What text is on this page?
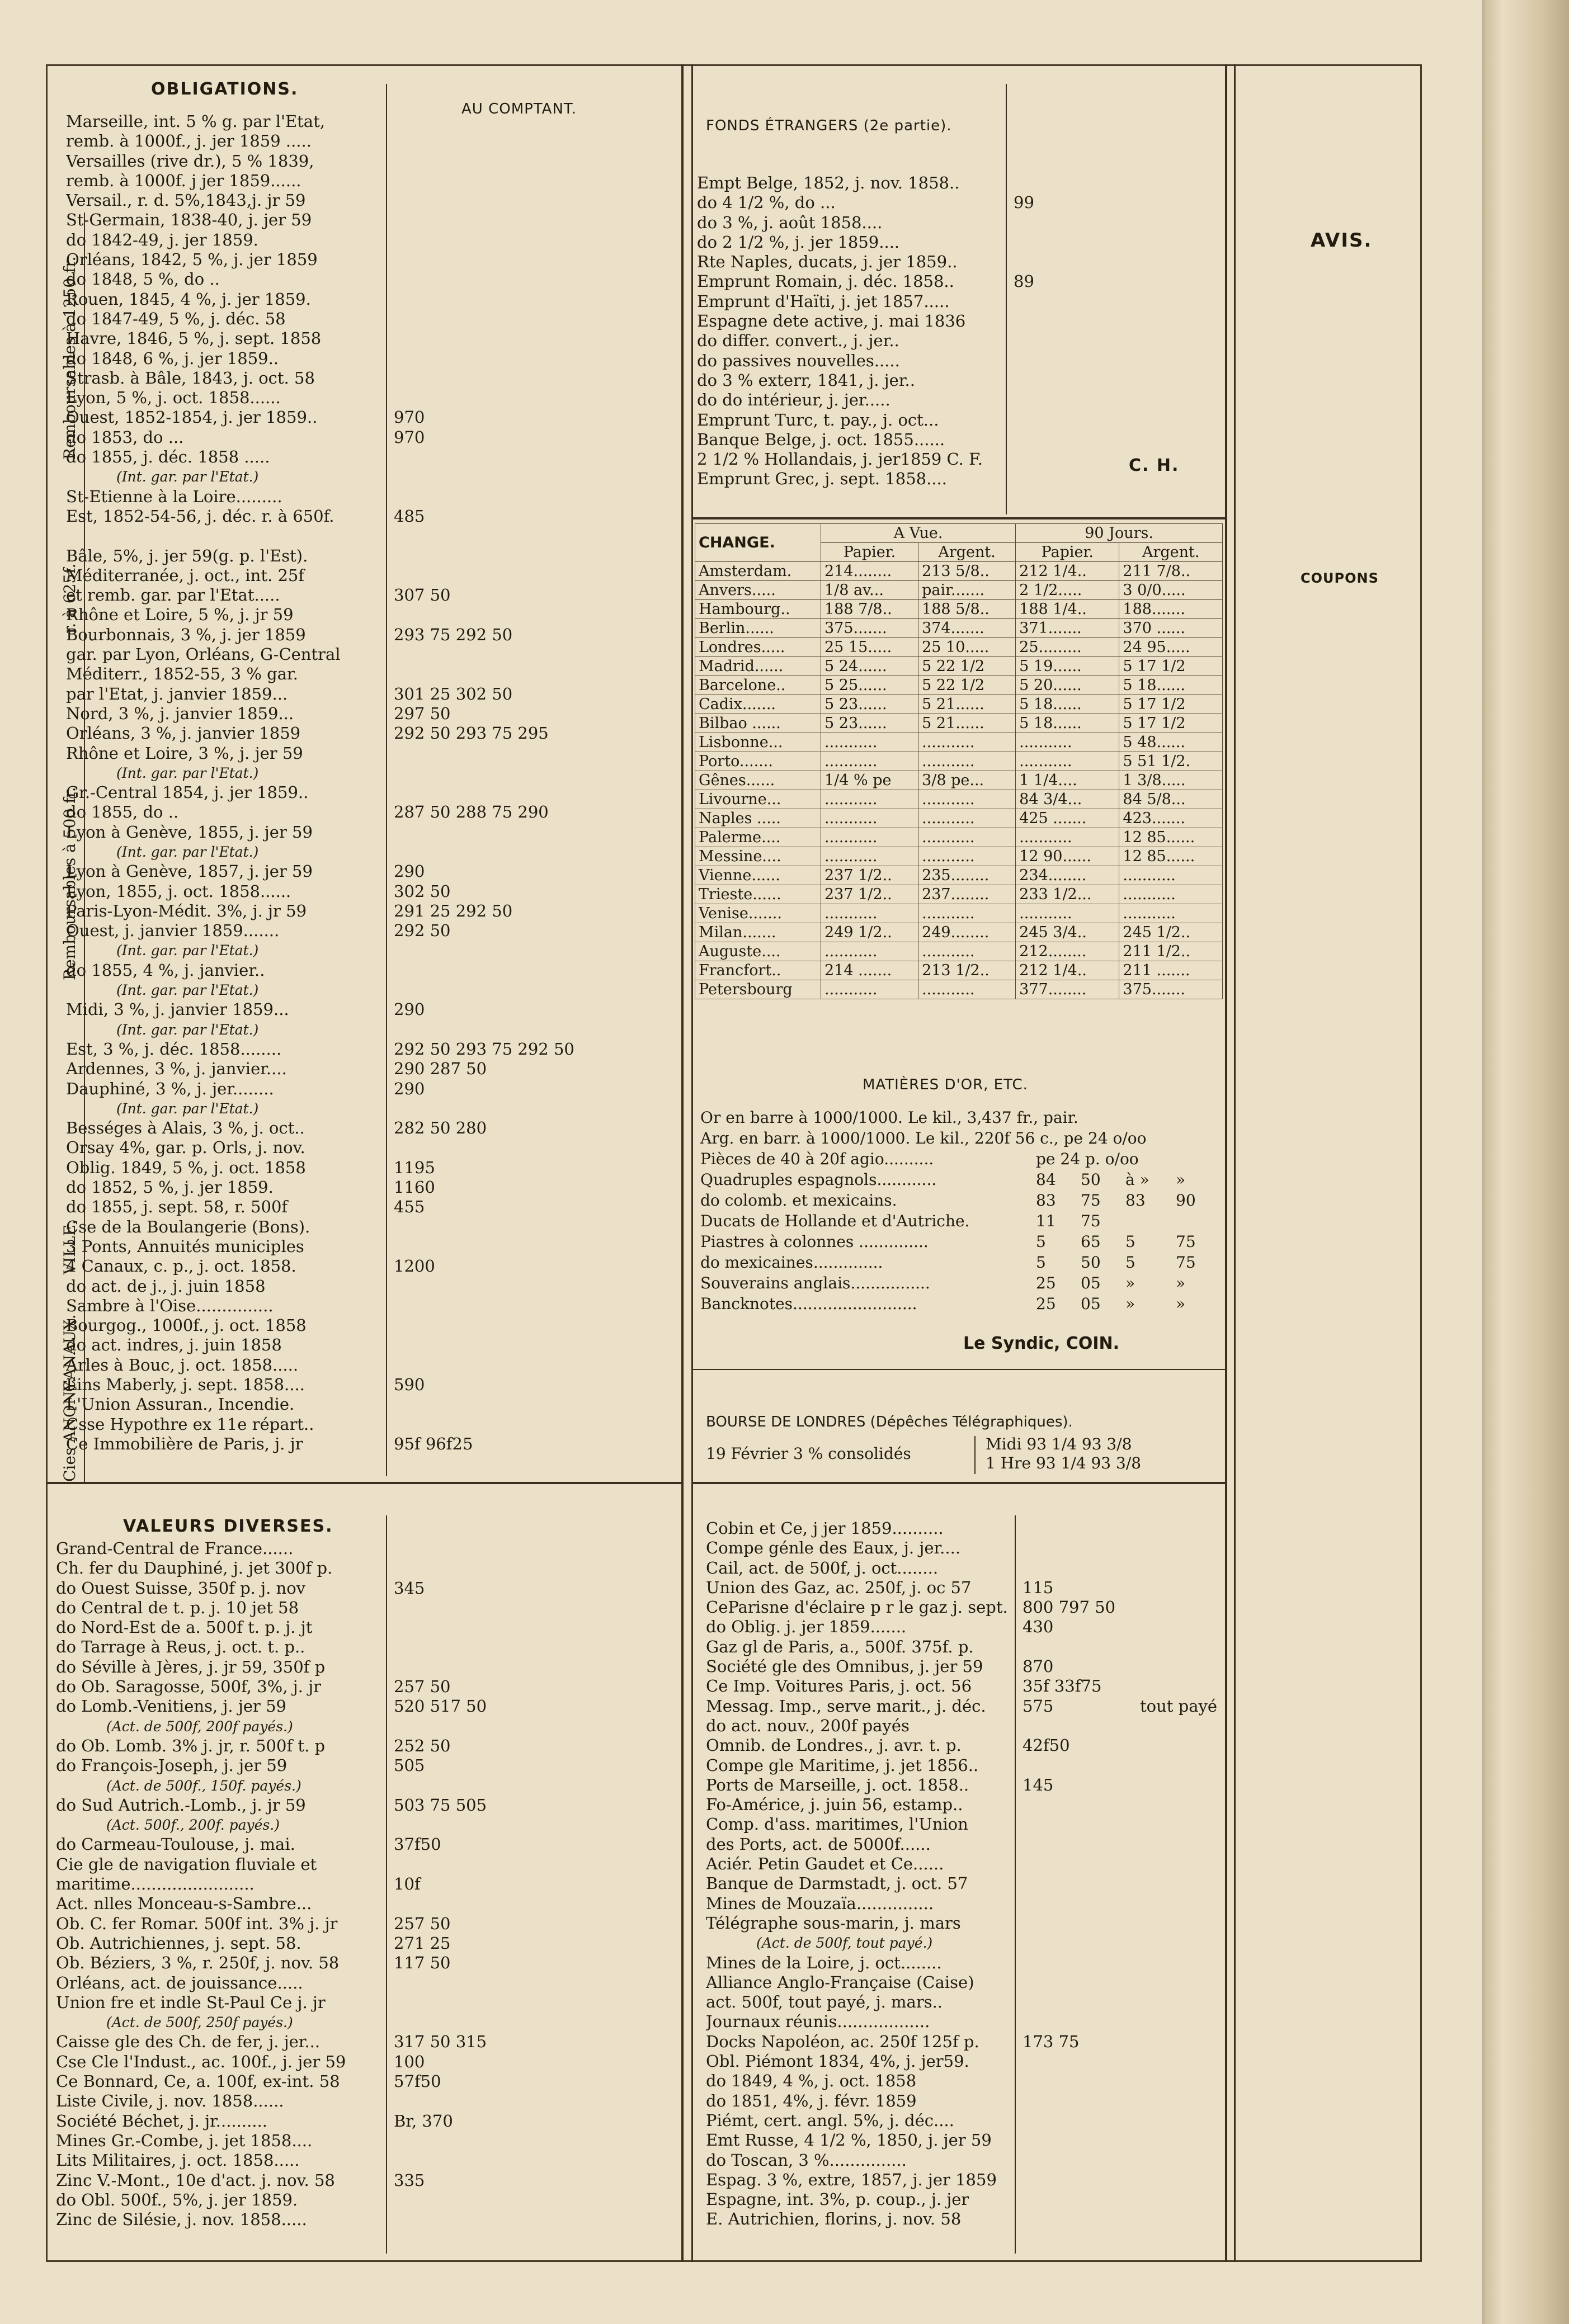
OBLIGATIONS.
AU COMPTANT.
Marseille, int. 5 % g. par l'Etat,
remb. à 1000f., j. jer 1859 .....
Versailles (rive dr.), 5 % 1839,
remb. à 1000f. j jer 1859......
Versail., r. d. 5%,1843,j. jr 59
St-Germain, 1838-40, j. jer 59
do 1842-49, j. jer 1859.
Orléans, 1842, 5 %, j. jer 1859
do 1848, 5 %, do ..
Rouen, 1845, 4 %, j. jer 1859.
do 1847-49, 5 %, j. déc. 58
Havre, 1846, 5 %, j. sept. 1858
do 1848, 6 %, j. jer 1859..
Strasb. à Bâle, 1843, j. oct. 58
Lyon, 5 %, j. oct. 1858......
Ouest, 1852-1854, j. jer 1859..	970
do 1853, do ...	970
do 1855, j. déc. 1858 .....
(Int. gar. par l'Etat.)
St-Etienne à la Loire.........
Est, 1852-54-56, j. déc. r. à 650f.	485
Bâle, 5%, j. jer 59(g. p. l'Est).
Méditerranée, j. oct., int. 25f
et remb. gar. par l'Etat.....	307 50
Rhône et Loire, 5 %, j. jr 59
Bourbonnais, 3 %, j. jer 1859	293 75 292 50
gar. par Lyon, Orléans, G-Central
Méditerr., 1852-55, 3 % gar.
par l'Etat, j. janvier 1859...	301 25 302 50
Nord, 3 %, j. janvier 1859...	297 50
Orléans, 3 %, j. janvier 1859	292 50 293 75 295
Rhône et Loire, 3 %, j. jer 59
(Int. gar. par l'Etat.)
Gr.-Central 1854, j. jer 1859..
do 1855, do ..	287 50 288 75 290
Lyon à Genève, 1855, j. jer 59
(Int. gar. par l'Etat.)
Lyon à Genève, 1857, j. jer 59	290
Lyon, 1855, j. oct. 1858......	302 50
Paris-Lyon-Médit. 3%, j. jr 59	291 25 292 50
Ouest, j. janvier 1859.......	292 50
(Int. gar. par l'Etat.)
do 1855, 4 %, j. janvier..
(Int. gar. par l'Etat.)
Midi, 3 %, j. janvier 1859...	290
(Int. gar. par l'Etat.)
Est, 3 %, j. déc. 1858........	292 50 293 75 292 50
Ardennes, 3 %, j. janvier....	290 287 50
Dauphiné, 3 %, j. jer........	290
(Int. gar. par l'Etat.)
Bességes à Alais, 3 %, j. oct..	282 50 280
Orsay 4%, gar. p. Orls, j. nov.
Oblig. 1849, 5 %, j. oct. 1858	1195
do 1852, 5 %, j. jer 1859.	1160
do 1855, j. sept. 58, r. 500f	455
Cse de la Boulangerie (Bons).
3 Ponts, Annuités municiples
4 Canaux, c. p., j. oct. 1858.	1200
do act. de j., j. juin 1858
Sambre à l'Oise...............
Bourgog., 1000f., j. oct. 1858
do act. indres, j. juin 1858
Arles à Bouc, j. oct. 1858.....
Lins Maberly, j. sept. 1858....	590
L'Union Assuran., Incendie.
Csse Hypothre ex 11e répart..
Ce Immobilière de Paris, j. jr	95f 96f25
Remboursables à 1250 fr.
r. à 625f.
Remboursables à 500 fr.
VILLE.
CANAUX.
Cies ANONY.
VALEURS DIVERSES.
Grand-Central de France......
Ch. fer du Dauphiné, j. jet 300f p.
do Ouest Suisse, 350f p. j. nov	345
do Central de t. p. j. 10 jet 58
do Nord-Est de a. 500f t. p. j. jt
do Tarrage à Reus, j. oct. t. p..
do Séville à Jères, j. jr 59, 350f p
do Ob. Saragosse, 500f, 3%, j. jr	257 50
do Lomb.-Venitiens, j. jer 59	520 517 50
(Act. de 500f, 200f payés.)
do Ob. Lomb. 3% j. jr, r. 500f t. p	252 50
do François-Joseph, j. jer 59	505
(Act. de 500f., 150f. payés.)
do Sud Autrich.-Lomb., j. jr 59	503 75 505
(Act. 500f., 200f. payés.)
do Carmeau-Toulouse, j. mai.	37f50
Cie gle de navigation fluviale et
maritime........................	10f
Act. nlles Monceau-s-Sambre...
Ob. C. fer Romar. 500f int. 3% j. jr	257 50
Ob. Autrichiennes, j. sept. 58.	271 25
Ob. Béziers, 3 %, r. 250f, j. nov. 58	117 50
Orléans, act. de jouissance.....
Union fre et indle St-Paul Ce j. jr
(Act. de 500f, 250f payés.)
Caisse gle des Ch. de fer, j. jer...	317 50 315
Cse Cle l'Indust., ac. 100f., j. jer 59	100
Ce Bonnard, Ce, a. 100f, ex-int. 58	57f50
Liste Civile, j. nov. 1858......
Société Béchet, j. jr..........	Br, 370
Mines Gr.-Combe, j. jet 1858....
Lits Militaires, j. oct. 1858.....
Zinc V.-Mont., 10e d'act. j. nov. 58	335
do Obl. 500f., 5%, j. jer 1859.
Zinc de Silésie, j. nov. 1858.....
FONDS ÉTRANGERS (2e partie).
Empt Belge, 1852, j. nov. 1858..
do 4 1/2 %, do ...	99
do 3 %, j. août 1858....
do 2 1/2 %, j. jer 1859....
Rte Naples, ducats, j. jer 1859..
Emprunt Romain, j. déc. 1858..	89
Emprunt d'Haïti, j. jet 1857.....
Espagne dete active, j. mai 1836
do differ. convert., j. jer..
do passives nouvelles.....
do 3 % exterr, 1841, j. jer..
do do intérieur, j. jer.....
Emprunt Turc, t. pay., j. oct...
Banque Belge, j. oct. 1855......
2 1/2 % Hollandais, j. jer1859 C. F.
Emprunt Grec, j. sept. 1858....
AVIS.
C. H.
COUPONS
CHANGE.	A Vue.		90 Jours.	
	Papier.	Argent.	Papier.	Argent.
Amsterdam.	214........	213 5/8..	212 1/4..	211 7/8..
Anvers.....	1/8 av...	pair.......	2 1/2.....	3 0/0.....
Hambourg..	188 7/8..	188 5/8..	188 1/4..	188.......
Berlin......	375.......	374.......	371.......	370 ......
Londres.....	25 15.....	25 10.....	25.........	24 95.....
Madrid......	5 24......	5 22 1/2	5 19......	5 17 1/2
Barcelone..	5 25......	5 22 1/2	5 20......	5 18......
Cadix.......	5 23......	5 21......	5 18......	5 17 1/2
Bilbao ......	5 23......	5 21......	5 18......	5 17 1/2
Lisbonne...	...........	...........	...........	5 48......
Porto.......	...........	...........	...........	5 51 1/2.
Gênes......	1/4 % pe	3/8 pe...	1 1/4....	1 3/8.....
Livourne...	...........	...........	84 3/4...	84 5/8...
Naples .....	...........	...........	425 .......	423.......
Palerme....	...........	...........	...........	12 85......
Messine....	...........	...........	12 90......	12 85......
Vienne......	237 1/2..	235........	234........	...........
Trieste......	237 1/2..	237........	233 1/2...	...........
Venise.......	...........	...........	...........	...........
Milan.......	249 1/2..	249........	245 3/4..	245 1/2..
Auguste....	...........	...........	212........	211 1/2..
Francfort..	214 .......	213 1/2..	212 1/4..	211 .......
Petersbourg	...........	...........	377........	375.......
MATIÈRES D'OR, ETC.
Or en barre à 1000/1000. Le kil., 3,437 fr., pair.
Arg. en barr. à 1000/1000. Le kil., 220f 56 c., pe 24 o/oo
Pièces de 40 à 20f agio..........	pe 24 p. o/oo
Quadruples espagnols............	84	50	à »	»
do colomb. et mexicains.	83	75	83	90
Ducats de Hollande et d'Autriche.	11	75
Piastres à colonnes ..............	5	65	5	75
do mexicaines..............	5	50	5	75
Souverains anglais................	25	05	»	»
Bancknotes.........................	25	05	»	»
Le Syndic, COIN.
BOURSE DE LONDRES (Dépêches Télégraphiques).
19 Février 3 % consolidés
Midi 93 1/4 93 3/8
1 Hre 93 1/4 93 3/8
Cobin et Ce, j jer 1859..........
Compe génle des Eaux, j. jer....
Cail, act. de 500f, j. oct........
Union des Gaz, ac. 250f, j. oc 57	115
CeParisne d'éclaire p r le gaz j. sept. 800 797 50
do Oblig. j. jer 1859.......	430
Gaz gl de Paris, a., 500f. 375f. p.
Société gle des Omnibus, j. jer 59	870
Ce Imp. Voitures Paris, j. oct. 56	35f 33f75
Messag. Imp., serve marit., j. déc.	575	tout payé
do act. nouv., 200f payés
Omnib. de Londres., j. avr. t. p.	42f50
Compe gle Maritime, j. jet 1856..
Ports de Marseille, j. oct. 1858..	145
Fo-Américe, j. juin 56, estamp..
Comp. d'ass. maritimes, l'Union
des Ports, act. de 5000f......
Aciér. Petin Gaudet et Ce......
Banque de Darmstadt, j. oct. 57
Mines de Mouzaïa...............
Télégraphe sous-marin, j. mars
(Act. de 500f, tout payé.)
Mines de la Loire, j. oct........
Alliance Anglo-Française (Caise)
act. 500f, tout payé, j. mars..
Journaux réunis..................
Docks Napoléon, ac. 250f 125f p.	173 75
Obl. Piémont 1834, 4%, j. jer59.
do 1849, 4 %, j. oct. 1858
do 1851, 4%, j. févr. 1859
Piémt, cert. angl. 5%, j. déc....
Emt Russe, 4 1/2 %, 1850, j. jer 59
do Toscan, 3 %...............
Espag. 3 %, extre, 1857, j. jer 1859
Espagne, int. 3%, p. coup., j. jer
E. Autrichien, florins, j. nov. 58
